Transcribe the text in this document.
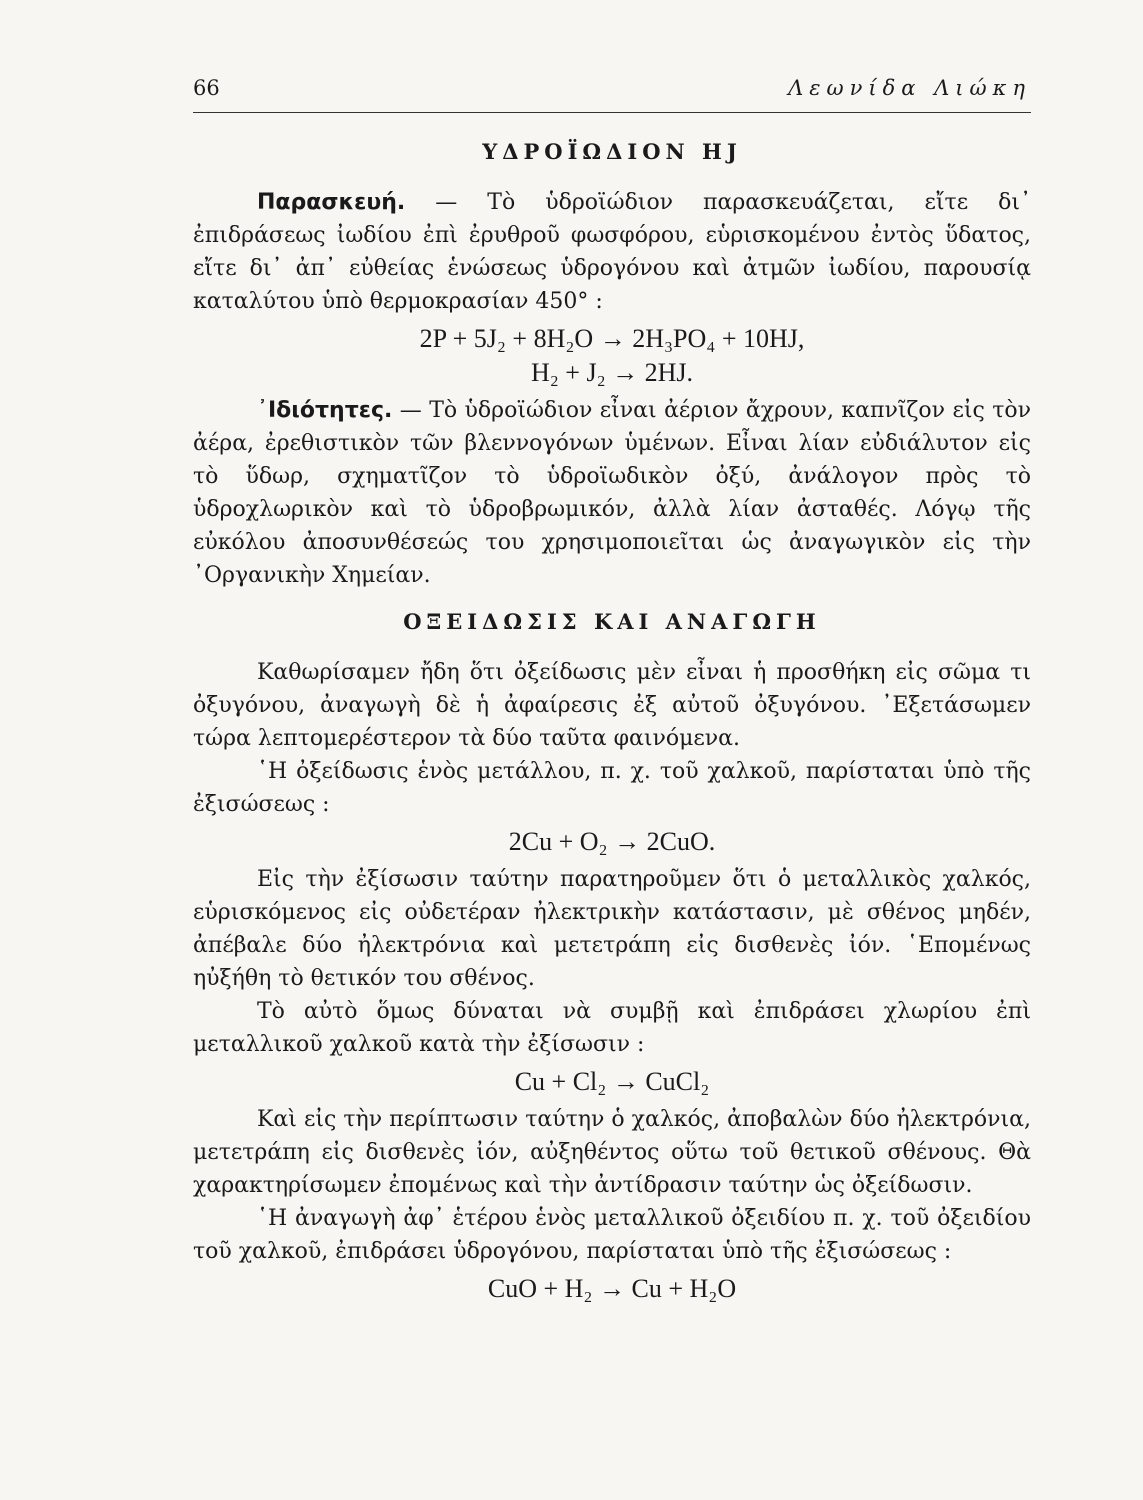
66	Λεωνίδα Λιώκη
ΥΔΡΟΪΩΔΙΟΝ HJ

Παρασκευή. — Τὸ ὑδροϊώδιον παρασκευάζεται, εἴτε δι᾽ ἐπιδράσεως ἰωδίου ἐπὶ ἐρυθροῦ φωσφόρου, εὑρισκομένου ἐντὸς ὕδατος, εἴτε δι᾽ ἀπ᾽ εὐθείας ἑνώσεως ὑδρογόνου καὶ ἀτμῶν ἰωδίου, παρουσίᾳ καταλύτου ὑπὸ θερμοκρασίαν 450° :

2P + 5J₂ + 8H₂O → 2H₃PO₄ + 10HJ,
H₂ + J₂ → 2HJ.

᾽Ιδιότητες. — Τὸ ὑδροϊώδιον εἶναι ἀέριον ἄχρουν, καπνῖζον εἰς τὸν ἀέρα, ἐρεθιστικὸν τῶν βλεννογόνων ὑμένων. Εἶναι λίαν εὐδιάλυτον εἰς τὸ ὕδωρ, σχηματῖζον τὸ ὑδροϊωδικὸν ὀξύ, ἀνάλογον πρὸς τὸ ὑδροχλωρικὸν καὶ τὸ ὑδροβρωμικόν, ἀλλὰ λίαν ἀσταθές. Λόγῳ τῆς εὐκόλου ἀποσυνθέσεώς του χρησιμοποιεῖται ὡς ἀναγωγικὸν εἰς τὴν ᾽Οργανικὴν Χημείαν.

ΟΞΕΙΔΩΣΙΣ ΚΑΙ ΑΝΑΓΩΓΗ

Καθωρίσαμεν ἤδη ὅτι ὀξείδωσις μὲν εἶναι ἡ προσθήκη εἰς σῶμα τι ὀξυγόνου, ἀναγωγὴ δὲ ἡ ἀφαίρεσις ἐξ αὐτοῦ ὀξυγόνου. ᾽Εξετάσωμεν τώρα λεπτομερέστερον τὰ δύο ταῦτα φαινόμενα.

῾Η ὀξείδωσις ἑνὸς μετάλλου, π. χ. τοῦ χαλκοῦ, παρίσταται ὑπὸ τῆς ἐξισώσεως :

2Cu + O₂ → 2CuO.

Εἰς τὴν ἐξίσωσιν ταύτην παρατηροῦμεν ὅτι ὁ μεταλλικὸς χαλκός, εὑρισκόμενος εἰς οὐδετέραν ἠλεκτρικὴν κατάστασιν, μὲ σθένος μηδέν, ἀπέβαλε δύο ἠλεκτρόνια καὶ μετετράπη εἰς δισθενὲς ἰόν. ῾Επομένως ηὐξήθη τὸ θετικόν του σθένος.

Τὸ αὐτὸ ὅμως δύναται νὰ συμβῇ καὶ ἐπιδράσει χλωρίου ἐπὶ μεταλλικοῦ χαλκοῦ κατὰ τὴν ἐξίσωσιν :

Cu + Cl₂ → CuCl₂

Καὶ εἰς τὴν περίπτωσιν ταύτην ὁ χαλκός, ἀποβαλὼν δύο ἠλεκτρόνια, μετετράπη εἰς δισθενὲς ἰόν, αὐξηθέντος οὕτω τοῦ θετικοῦ σθένους. Θὰ χαρακτηρίσωμεν ἐπομένως καὶ τὴν ἀντίδρασιν ταύτην ὡς ὀξείδωσιν.

῾Η ἀναγωγὴ ἀφ᾽ ἑτέρου ἑνὸς μεταλλικοῦ ὀξειδίου π. χ. τοῦ ὀξειδίου τοῦ χαλκοῦ, ἐπιδράσει ὑδρογόνου, παρίσταται ὑπὸ τῆς ἐξισώσεως :

CuO + H₂ → Cu + H₂O
